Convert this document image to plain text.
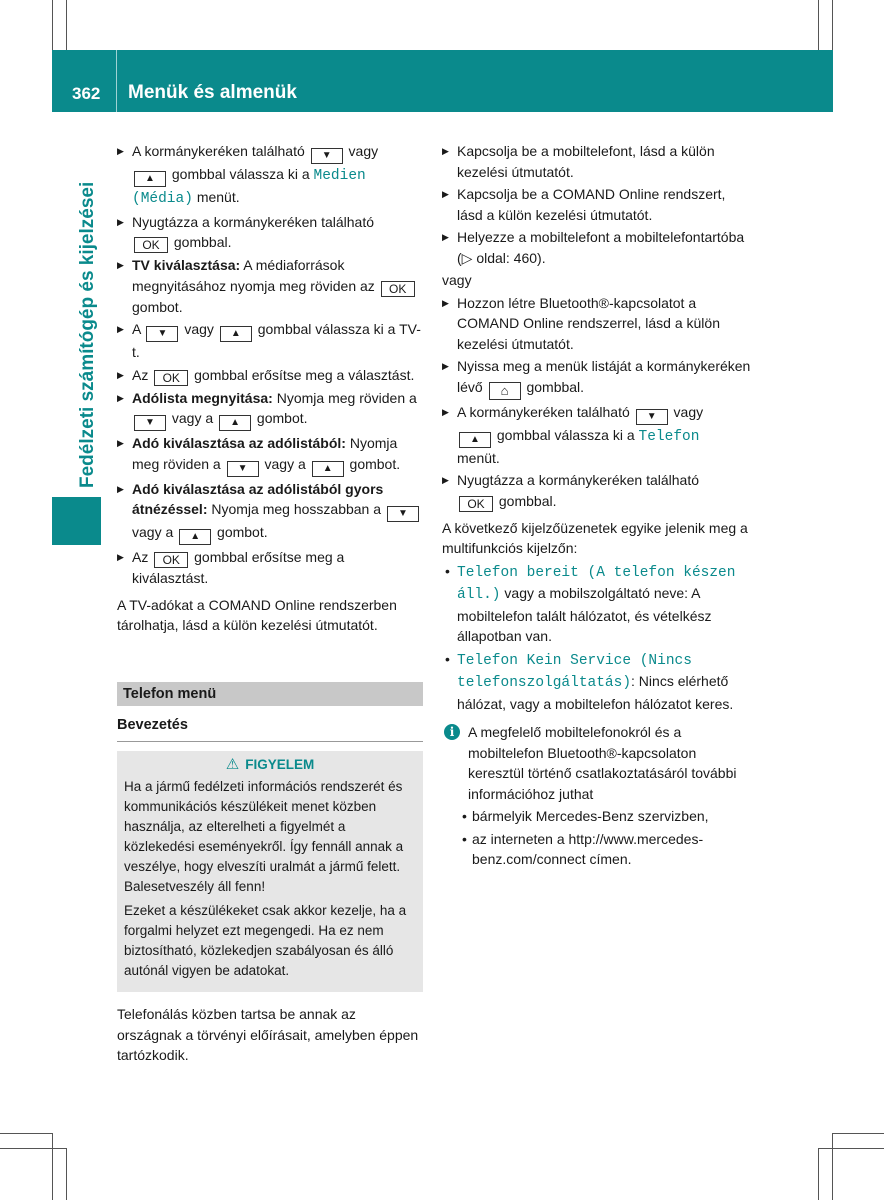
362 Menük és almenük
Fedélzeti számítógép és kijelzései
▶ A kormánykeréken található ▼ vagy
▲ gombbal válassza ki a Medien (Média) menüt.
▶ Nyugtázza a kormánykeréken található
OK gombbal.
▶ TV kiválasztása: A médiaforrások megnyitásához nyomja meg röviden az OK gombot.
▶ A ▼ vagy ▲ gombbal válassza ki a TV-t.
▶ Az OK gombbal erősítse meg a választást.
▶ Adólista megnyitása: Nyomja meg röviden a ▼ vagy a ▲ gombot.
▶ Adó kiválasztása az adólistából: Nyomja meg röviden a ▼ vagy a ▲ gombot.
▶ Adó kiválasztása az adólistából gyors átnézéssel: Nyomja meg hosszabban a ▼ vagy a ▲ gombot.
▶ Az OK gombbal erősítse meg a kiválasztást.
A TV-adókat a COMAND Online rendszerben tárolhatja, lásd a külön kezelési útmutatót.
Telefon menü
Bevezetés
⚠ FIGYELEM

Ha a jármű fedélzeti információs rendszerét és kommunikációs készülékeit menet közben használja, az elterelheti a figyelmét a közlekedési eseményekről. Így fennáll annak a veszélye, hogy elveszíti uralmát a jármű felett. Balesetveszély áll fenn!

Ezeket a készülékeket csak akkor kezelje, ha a forgalmi helyzet ezt megengedi. Ha ez nem biztosítható, közlekedjen szabályosan és álló autónál vigyen be adatokat.

Telefonálás közben tartsa be annak az országnak a törvényi előírásait, amelyben éppen tartózkodik.
▶ Kapcsolja be a mobiltelefont, lásd a külön kezelési útmutatót.
▶ Kapcsolja be a COMAND Online rendszert, lásd a külön kezelési útmutatót.
▶ Helyezze a mobiltelefont a mobiltelefontartóba (▷ oldal: 460).
vagy
▶ Hozzon létre Bluetooth®-kapcsolatot a COMAND Online rendszerrel, lásd a külön kezelési útmutatót.
▶ Nyissa meg a menük listáját a kormánykeréken lévő ⌂ gombbal.
▶ A kormánykeréken található ▼ vagy
▲ gombbal válassza ki a Telefon
menüt.
▶ Nyugtázza a kormánykeréken található
OK gombbal.
A következő kijelzőüzenetek egyike jelenik meg a multifunkciós kijelzőn:
• Telefon bereit (A telefon készen áll.) vagy a mobilszolgáltató neve: A mobiltelefon talált hálózatot, és vételkész állapotban van.
• Telefon Kein Service (Nincs telefonszolgáltatás): Nincs elérhető hálózat, vagy a mobiltelefon hálózatot keres.
i A megfelelő mobiltelefonokról és a mobiltelefon Bluetooth®-kapcsolaton keresztül történő csatlakoztatásáról további információhoz juthat
• bármelyik Mercedes-Benz szervizben,
• az interneten a http://www.mercedes-benz.com/connect címen.
